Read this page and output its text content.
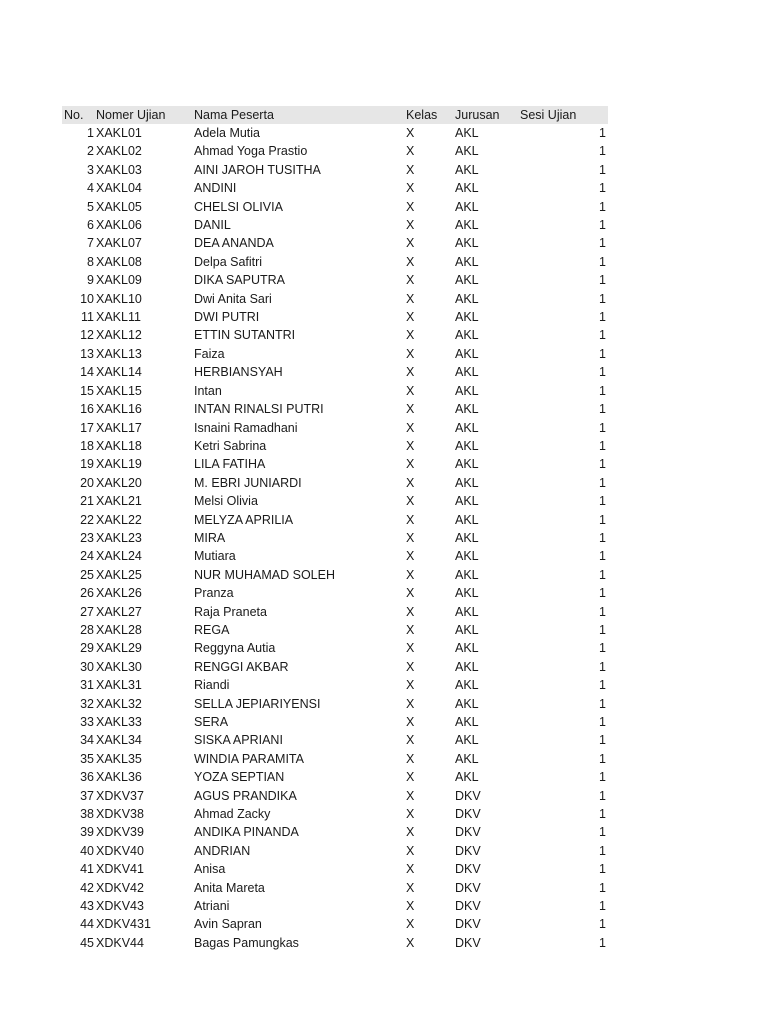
No.	Nomer Ujian	Nama Peserta	Kelas	Jurusan	Sesi Ujian
1 XAKL01	Adela Mutia	X	AKL	1
2 XAKL02	Ahmad Yoga Prastio	X	AKL	1
3 XAKL03	AINI JAROH TUSITHA	X	AKL	1
4 XAKL04	ANDINI	X	AKL	1
5 XAKL05	CHELSI OLIVIA	X	AKL	1
6 XAKL06	DANIL	X	AKL	1
7 XAKL07	DEA ANANDA	X	AKL	1
8 XAKL08	Delpa Safitri	X	AKL	1
9 XAKL09	DIKA SAPUTRA	X	AKL	1
10 XAKL10	Dwi Anita Sari	X	AKL	1
11 XAKL11	DWI PUTRI	X	AKL	1
12 XAKL12	ETTIN SUTANTRI	X	AKL	1
13 XAKL13	Faiza	X	AKL	1
14 XAKL14	HERBIANSYAH	X	AKL	1
15 XAKL15	Intan	X	AKL	1
16 XAKL16	INTAN RINALSI PUTRI	X	AKL	1
17 XAKL17	Isnaini Ramadhani	X	AKL	1
18 XAKL18	Ketri Sabrina	X	AKL	1
19 XAKL19	LILA FATIHA	X	AKL	1
20 XAKL20	M. EBRI JUNIARDI	X	AKL	1
21 XAKL21	Melsi Olivia	X	AKL	1
22 XAKL22	MELYZA APRILIA	X	AKL	1
23 XAKL23	MIRA	X	AKL	1
24 XAKL24	Mutiara	X	AKL	1
25 XAKL25	NUR MUHAMAD SOLEH	X	AKL	1
26 XAKL26	Pranza	X	AKL	1
27 XAKL27	Raja Praneta	X	AKL	1
28 XAKL28	REGA	X	AKL	1
29 XAKL29	Reggyna Autia	X	AKL	1
30 XAKL30	RENGGI AKBAR	X	AKL	1
31 XAKL31	Riandi	X	AKL	1
32 XAKL32	SELLA JEPIARIYENSI	X	AKL	1
33 XAKL33	SERA	X	AKL	1
34 XAKL34	SISKA APRIANI	X	AKL	1
35 XAKL35	WINDIA PARAMITA	X	AKL	1
36 XAKL36	YOZA SEPTIAN	X	AKL	1
37 XDKV37	AGUS PRANDIKA	X	DKV	1
38 XDKV38	Ahmad Zacky	X	DKV	1
39 XDKV39	ANDIKA PINANDA	X	DKV	1
40 XDKV40	ANDRIAN	X	DKV	1
41 XDKV41	Anisa	X	DKV	1
42 XDKV42	Anita Mareta	X	DKV	1
43 XDKV43	Atriani	X	DKV	1
44 XDKV431	Avin Sapran	X	DKV	1
45 XDKV44	Bagas Pamungkas	X	DKV	1
